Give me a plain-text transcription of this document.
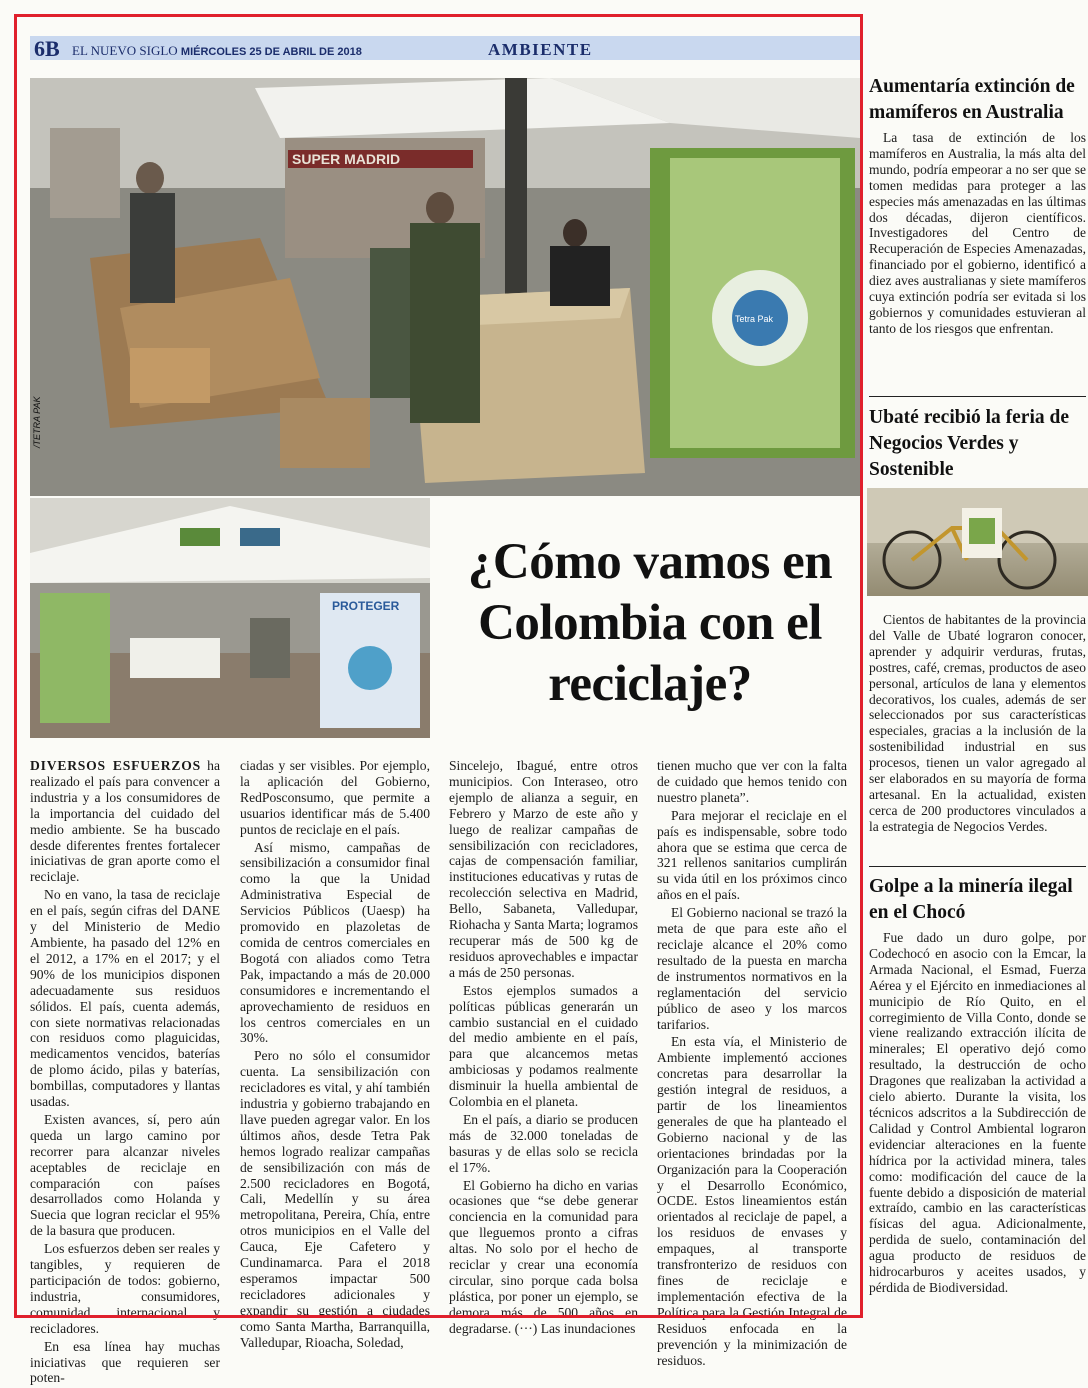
6B EL NUEVO SIGLO MIÉRCOLES 25 DE ABRIL DE 2018	AMBIENTE
SUPER MADRID
Tetra Pak
/TETRA PAK
PROTEGER
¿Cómo vamos en Colombia con el reciclaje?

DIVERSOS ESFUERZOS ha realizado el país para convencer a industria y a los consumidores de la importancia del cuidado del medio ambiente. Se ha buscado desde diferentes frentes fortalecer iniciativas de gran aporte como el reciclaje.

No en vano, la tasa de reciclaje en el país, según cifras del DANE y del Ministerio de Medio Ambiente, ha pasado del 12% en el 2012, a 17% en el 2017; y el 90% de los municipios disponen adecuadamente sus residuos sólidos. El país, cuenta además, con siete normativas relacionadas con residuos como plaguicidas, medicamentos vencidos, baterías de plomo ácido, pilas y baterías, bombillas, computadores y llantas usadas.

Existen avances, sí, pero aún queda un largo camino por recorrer para alcanzar niveles aceptables de reciclaje en comparación con países desarrollados como Holanda y Suecia que logran reciclar el 95% de la basura que producen.

Los esfuerzos deben ser reales y tangibles, y requieren de participación de todos: gobierno, industria, consumidores, comunidad internacional y recicladores.

En esa línea hay muchas iniciativas que requieren ser poten-

ciadas y ser visibles. Por ejemplo, la aplicación del Gobierno, RedPosconsumo, que permite a usuarios identificar más de 5.400 puntos de reciclaje en el país.

Así mismo, campañas de sensibilización a consumidor final como la que la Unidad Administrativa Especial de Servicios Públicos (Uaesp) ha promovido en plazoletas de comida de centros comerciales en Bogotá con aliados como Tetra Pak, impactando a más de 20.000 consumidores e incrementando el aprovechamiento de residuos en los centros comerciales en un 30%.

Pero no sólo el consumidor cuenta. La sensibilización con recicladores es vital, y ahí también industria y gobierno trabajando en llave pueden agregar valor. En los últimos años, desde Tetra Pak hemos logrado realizar campañas de sensibilización con más de 2.500 recicladores en Bogotá, Cali, Medellín y su área metropolitana, Pereira, Chía, entre otros municipios en el Valle del Cauca, Eje Cafetero y Cundinamarca. Para el 2018 esperamos impactar 500 recicladores adicionales y expandir su gestión a ciudades como Santa Martha, Barranquilla, Valledupar, Rioacha, Soledad,

Sincelejo, Ibagué, entre otros municipios. Con Interaseo, otro ejemplo de alianza a seguir, en Febrero y Marzo de este año y luego de realizar campañas de sensibilización con recicladores, cajas de compensación familiar, instituciones educativas y rutas de recolección selectiva en Madrid, Bello, Sabaneta, Valledupar, Riohacha y Santa Marta; logramos recuperar más de 500 kg de residuos aprovechables e impactar a más de 250 personas.

Estos ejemplos sumados a políticas públicas generarán un cambio sustancial en el cuidado del medio ambiente en el país, para que alcancemos metas ambiciosas y podamos realmente disminuir la huella ambiental de Colombia en el planeta.

En el país, a diario se producen más de 32.000 toneladas de basuras y de ellas solo se recicla el 17%.

El Gobierno ha dicho en varias ocasiones que “se debe generar conciencia en la comunidad para que lleguemos pronto a cifras altas. No solo por el hecho de reciclar y crear una economía circular, sino porque cada bolsa plástica, por poner un ejemplo, se demora más de 500 años en degradarse. (···) Las inundaciones

tienen mucho que ver con la falta de cuidado que hemos tenido con nuestro planeta”.

Para mejorar el reciclaje en el país es indispensable, sobre todo ahora que se estima que cerca de 321 rellenos sanitarios cumplirán su vida útil en los próximos cinco años en el país.

El Gobierno nacional se trazó la meta de que para este año el reciclaje alcance el 20% como resultado de la puesta en marcha de instrumentos normativos en la reglamentación del servicio público de aseo y los marcos tarifarios.

En esta vía, el Ministerio de Ambiente implementó acciones concretas para desarrollar la gestión integral de residuos, a partir de los lineamientos generales de que ha planteado el Gobierno nacional y de las orientaciones brindadas por la Organización para la Cooperación y el Desarrollo Económico, OCDE. Estos lineamientos están orientados al reciclaje de papel, a los residuos de envases y empaques, al transporte transfronterizo de residuos con fines de reciclaje e implementación efectiva de la Política para la Gestión Integral de Residuos enfocada en la prevención y la minimización de residuos.

Aumentaría extinción de mamíferos en Australia

La tasa de extinción de los mamíferos en Australia, la más alta del mundo, podría empeorar a no ser que se tomen medidas para proteger a las especies más amenazadas en las últimas dos décadas, dijeron científicos. Investigadores del Centro de Recuperación de Especies Amenazadas, financiado por el gobierno, identificó a diez aves australianas y siete mamíferos cuya extinción podría ser evitada si los gobiernos y comunidades estuvieran al tanto de los riesgos que enfrentan.

Ubaté recibió la feria de Negocios Verdes y Sostenible

Cientos de habitantes de la provincia del Valle de Ubaté lograron conocer, aprender y adquirir verduras, frutas, postres, café, cremas, productos de aseo personal, artículos de lana y elementos decorativos, los cuales, además de ser seleccionados por sus características especiales, gracias a la inclusión de la sostenibilidad industrial en sus procesos, tienen un valor agregado al ser elaborados en su mayoría de forma artesanal. En la actualidad, existen cerca de 200 productores vinculados a la estrategia de Negocios Verdes.

Golpe a la minería ilegal en el Chocó

Fue dado un duro golpe, por Codechocó en asocio con la Emcar, la Armada Nacional, el Esmad, Fuerza Aérea y el Ejército en inmediaciones al municipio de Río Quito, en el corregimiento de Villa Conto, donde se viene realizando extracción ilícita de minerales; El operativo dejó como resultado, la destrucción de ocho Dragones que realizaban la actividad a cielo abierto. Durante la visita, los técnicos adscritos a la Subdirección de Calidad y Control Ambiental lograron evidenciar alteraciones en la fuente hídrica por la actividad minera, tales como: modificación del cauce de la fuente debido a disposición de material extraído, cambio en las características físicas del agua. Adicionalmente, perdida de suelo, contaminación del agua producto de residuos de hidrocarburos y aceites usados, y pérdida de Biodiversidad.
